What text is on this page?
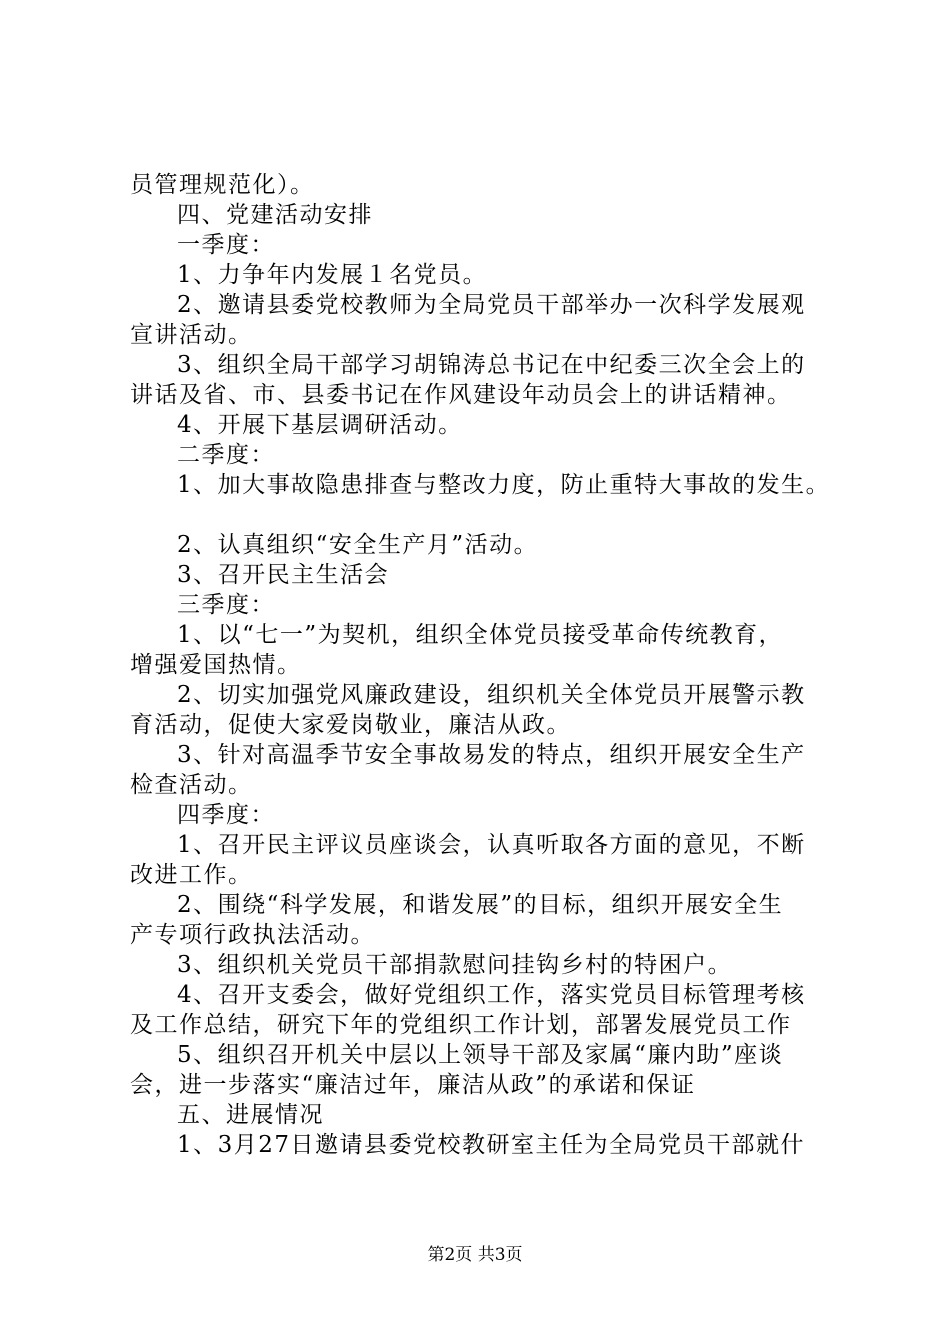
员管理规范化）。
四、党建活动安排
一季度：
1、力争年内发展１名党员。
2、邀请县委党校教师为全局党员干部举办一次科学发展观
宣讲活动。
3、组织全局干部学习胡锦涛总书记在中纪委三次全会上的
讲话及省、市、县委书记在作风建设年动员会上的讲话精神。
4、开展下基层调研活动。
二季度：
1、加大事故隐患排查与整改力度，防止重特大事故的发生。
2、认真组织“安全生产月”活动。
3、召开民主生活会
三季度：
1、以“七一”为契机，组织全体党员接受革命传统教育，
增强爱国热情。
2、切实加强党风廉政建设，组织机关全体党员开展警示教
育活动，促使大家爱岗敬业，廉洁从政。
3、针对高温季节安全事故易发的特点，组织开展安全生产
检查活动。
四季度：
1、召开民主评议员座谈会，认真听取各方面的意见，不断
改进工作。
2、围绕“科学发展，和谐发展”的目标，组织开展安全生
产专项行政执法活动。
3、组织机关党员干部捐款慰问挂钩乡村的特困户。
4、召开支委会，做好党组织工作，落实党员目标管理考核
及工作总结，研究下年的党组织工作计划，部署发展党员工作
5、组织召开机关中层以上领导干部及家属“廉内助”座谈
会，进一步落实“廉洁过年，廉洁从政”的承诺和保证
五、进展情况
1、3月27日邀请县委党校教研室主任为全局党员干部就什
第2页 共3页
